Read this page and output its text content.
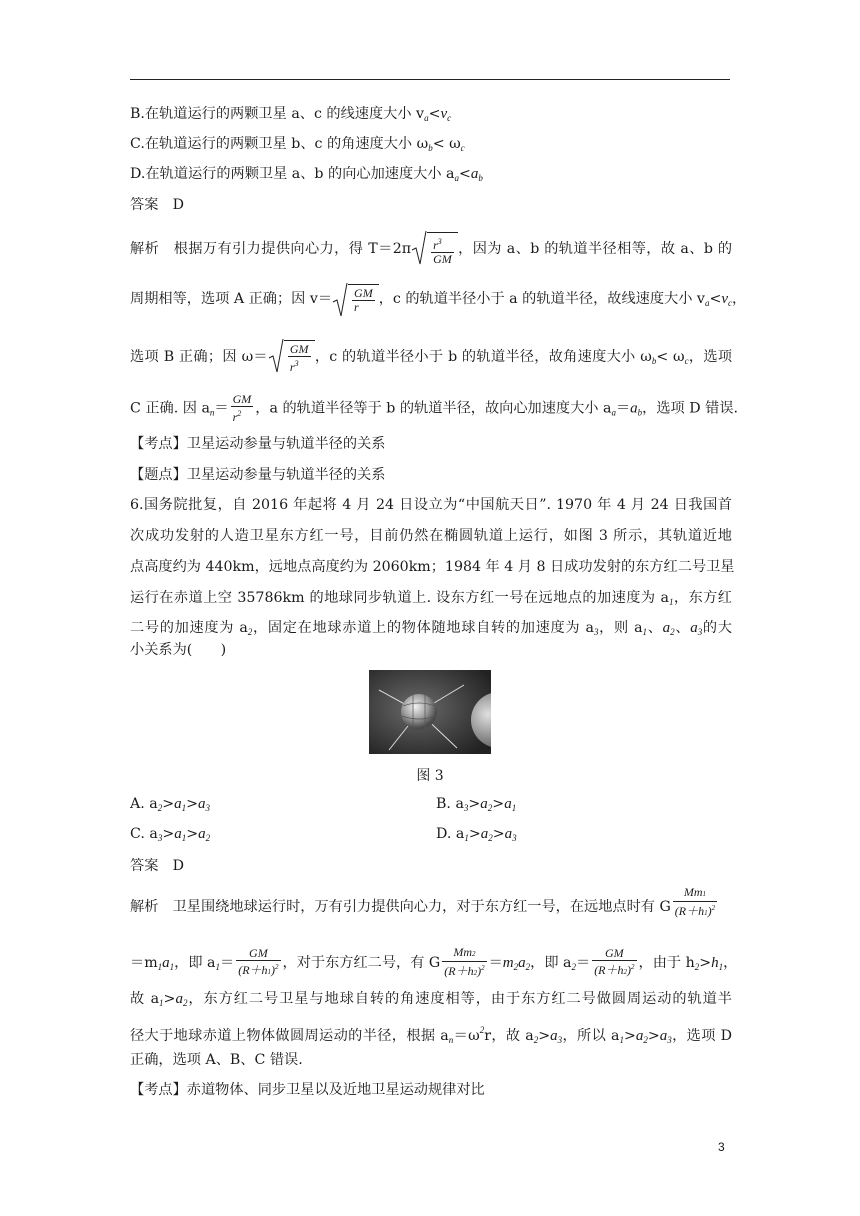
B.在轨道运行的两颗卫星 a、c 的线速度大小 $v_a<v_c$
C.在轨道运行的两颗卫星 b、c 的角速度大小 $\omega_b< \omega_c$
D.在轨道运行的两颗卫星 a、b 的向心加速度大小 $a_a<a_b$
答案　D
解析　根据万有引力提供向心力，得 $T=2\pi \frac{r^3}{GM}$ ，因为 a、b 的轨道半径相等，故 a、b 的
周期相等，选项 A 正确；因 $v= \frac{GM}{r}$ ，c 的轨道半径小于 a 的轨道半径，故线速度大小 $v_a<v_c$，
选项 B 正确；因 $\omega= \frac{GM}{r^3}$ ，c 的轨道半径小于 b 的轨道半径，故角速度大小 $\omega_b< \omega_c$，选项
C 正确. 因 $a_n= \frac{GM}{r^2}$ ，a 的轨道半径等于 b 的轨道半径，故向心加速度大小 $a_a=a_b$，选项 D 错误.
【考点】卫星运动参量与轨道半径的关系
【题点】卫星运动参量与轨道半径的关系
6.国务院批复，自 2016 年起将 4 月 24 日设立为“中国航天日”. 1970 年 4 月 24 日我国首
次成功发射的人造卫星东方红一号，目前仍然在椭圆轨道上运行，如图 3 所示，其轨道近地
点高度约为 440km，远地点高度约为 2060km；1984 年 4 月 8 日成功发射的东方红二号卫星
运行在赤道上空 35786km 的地球同步轨道上. 设东方红一号在远地点的加速度为 $a_1$，东方红
二号的加速度为 $a_2$，固定在地球赤道上的物体随地球自转的加速度为 $a_3$，则 $a_1$、$a_2$、$a_3$的大
小关系为(　　)
图 3
A. $a_2>a_1>a_3$	B. $a_3>a_2>a_1$
C. $a_3>a_1>a_2$	D. $a_1>a_2>a_3$
答案　D
解析　卫星围绕地球运行时，万有引力提供向心力，对于东方红一号，在远地点时有 G $\frac{Mm1}{(R+h1)^2}$
$=m_1a_1$，即 $a_1= \frac{GM}{(R+h1)^2}$ ，对于东方红二号，有 G $\frac{Mm2}{(R+h2)^2} =m_2a_2$，即 $a_2= \frac{GM}{(R+h2)^2}$ ，由于 $h_2>h_1$，
故 $a_1>a_2$，东方红二号卫星与地球自转的角速度相等，由于东方红二号做圆周运动的轨道半
径大于地球赤道上物体做圆周运动的半径，根据 $a_n=\omega^2r$，故 $a_2>a_3$，所以 $a_1>a_2>a_3$，选项 D
正确，选项 A、B、C 错误.
【考点】赤道物体、同步卫星以及近地卫星运动规律对比
3
